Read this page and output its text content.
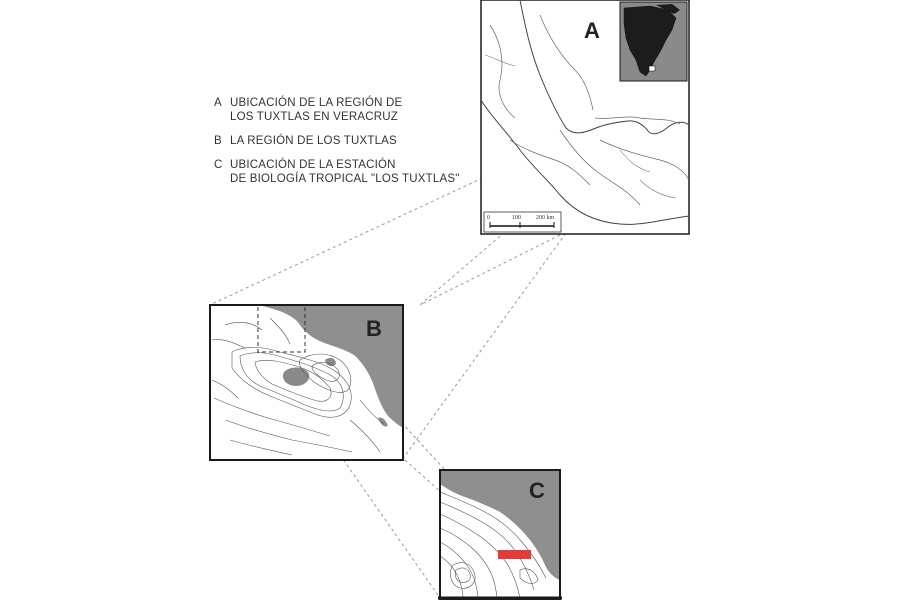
0	100	200 km
A
B
C
A UBICACIÓN DE LA REGIÓN DE
LOS TUXTLAS EN VERACRUZ
B LA REGIÓN DE LOS TUXTLAS
C UBICACIÓN DE LA ESTACIÓN
DE BIOLOGÍA TROPICAL "LOS TUXTLAS"
